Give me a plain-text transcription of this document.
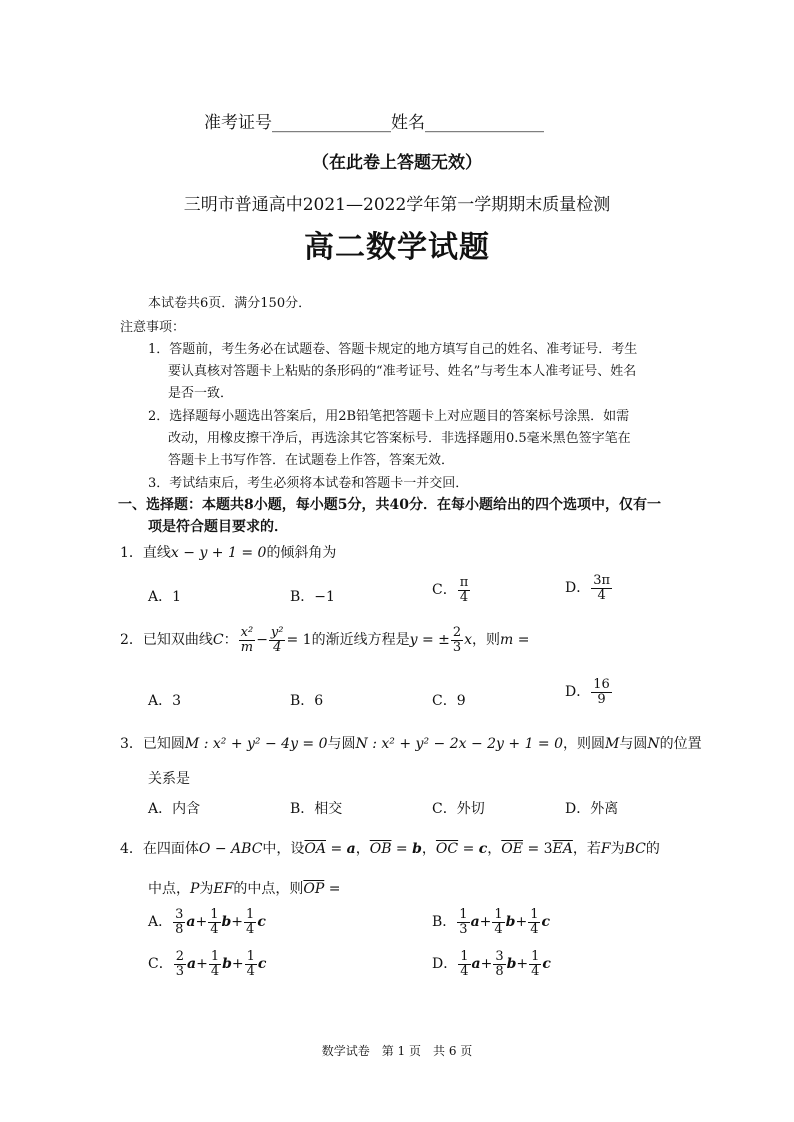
准考证号______________姓名______________
（在此卷上答题无效）
三明市普通高中2021—2022学年第一学期期末质量检测
高二数学试题
本试卷共6页．满分150分．
注意事项：
1．答题前，考生务必在试题卷、答题卡规定的地方填写自己的姓名、准考证号．考生
要认真核对答题卡上粘贴的条形码的“准考证号、姓名”与考生本人准考证号、姓名
是否一致．
2．选择题每小题选出答案后，用2B铅笔把答题卡上对应题目的答案标号涂黑．如需
改动，用橡皮擦干净后，再选涂其它答案标号．非选择题用0.5毫米黑色签字笔在
答题卡上书写作答．在试题卷上作答，答案无效．
3．考试结束后，考生必须将本试卷和答题卡一并交回．
一、选择题：本题共8小题，每小题5分，共40分．在每小题给出的四个选项中，仅有一
项是符合题目要求的．
1．直线x − y + 1 = 0的倾斜角为
A．1	B．−1	C． $\frac{\pi}{4}$	D． $\frac{3\pi}{4}$
2．已知双曲线C： $\frac{\text{x²}}{m} - \frac{\text{y²}}{4} = 1$的渐近线方程是y = ± $\frac{2}{3}$ x，则m =
A．3	B．6	C．9
D． $\frac{16}{9}$
3．已知圆M : x² + y² − 4y = 0与圆N : x² + y² − 2x − 2y + 1 = 0，则圆M与圆N的位置
关系是
A．内含	B．相交	C．外切	D．外离
4．在四面体O − ABC中，设$\overline{OA} = a$，$\overline{OB} = b$，$\overline{OC} = c$，$\overline{OE} = 3\overline{EA}$，若F为BC的
中点，P为EF的中点，则$\overline{OP}$ =
A． $\frac{3}{8} a+ \frac{1}{4} b+ \frac{1}{4}$ c	B． $\frac{1}{3} a+ \frac{1}{4} b+ \frac{1}{4}$ c
C． $\frac{2}{3} a+ \frac{1}{4} b+ \frac{1}{4}$ c	D． $\frac{1}{4} a+ \frac{3}{8} b+ \frac{1}{4}$ c
数学试卷　第 1 页　共 6 页
